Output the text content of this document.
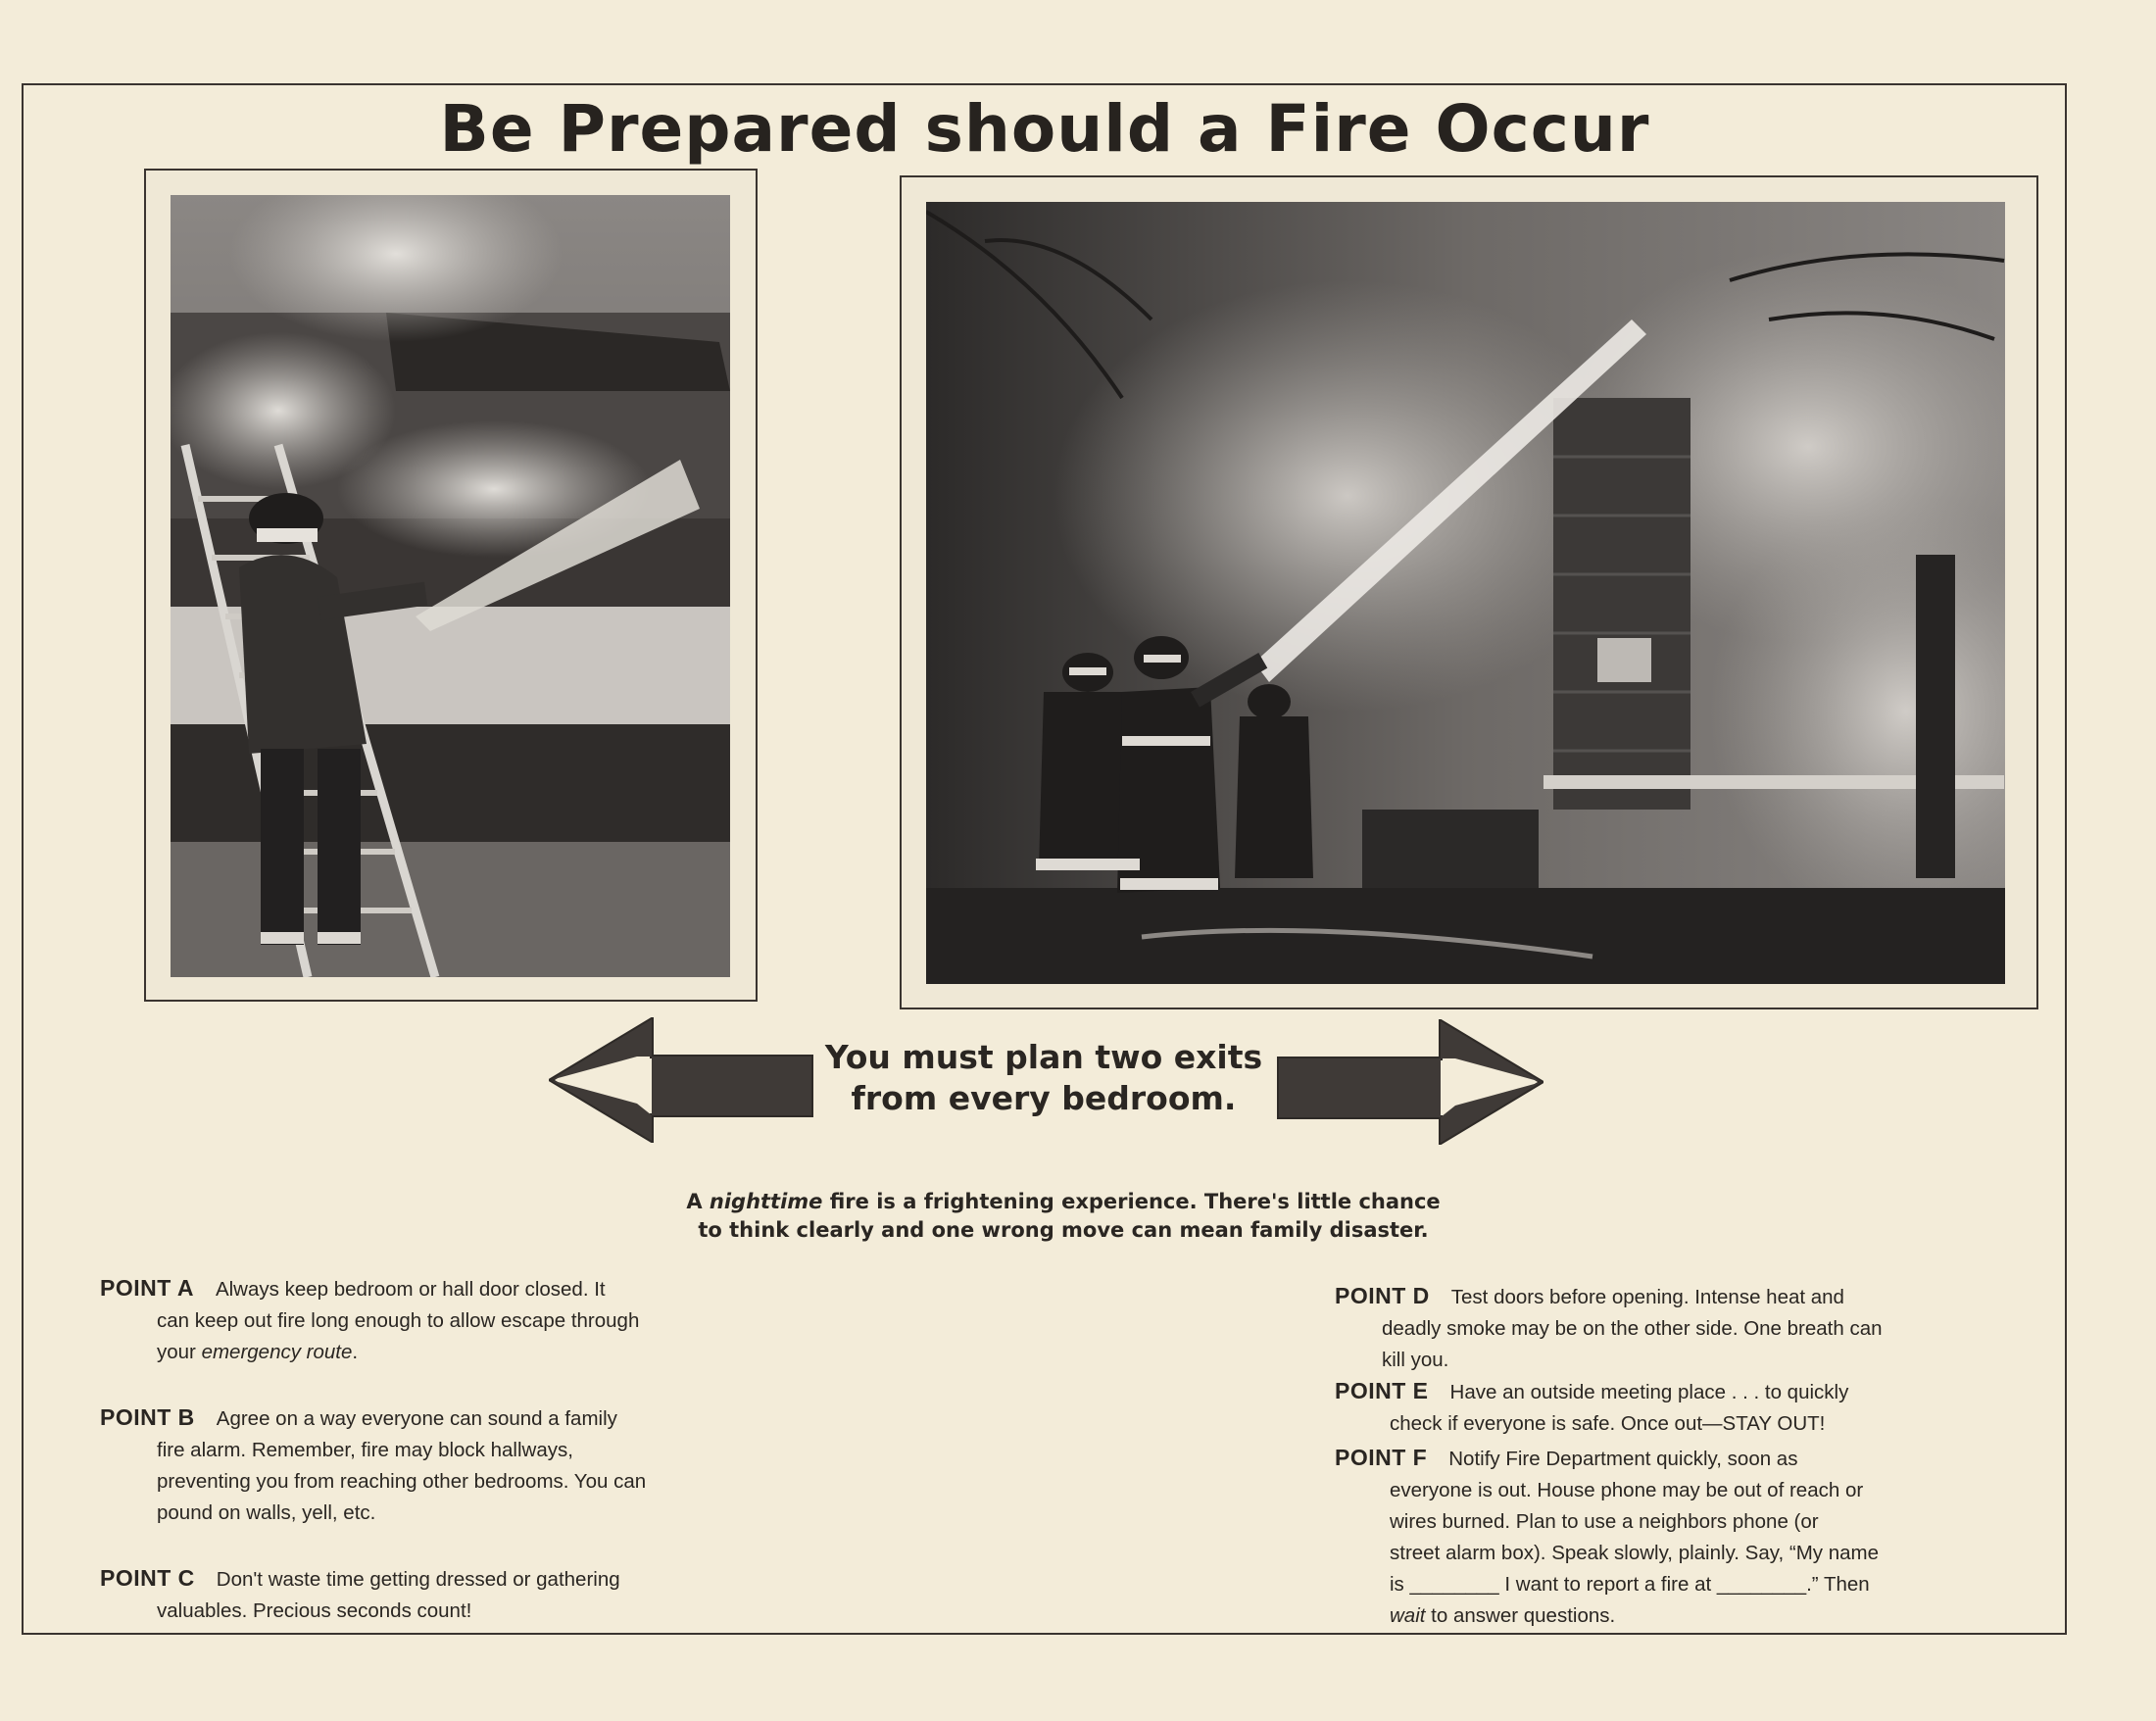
Be Prepared should a Fire Occur
You must plan two exits
from every bedroom.
A nighttime fire is a frightening experience. There's little chance
to think clearly and one wrong move can mean family disaster.
POINT A Always keep bedroom or hall door closed. It
can keep out fire long enough to allow escape through
your emergency route.
POINT B Agree on a way everyone can sound a family
fire alarm. Remember, fire may block hallways,
preventing you from reaching other bedrooms. You can
pound on walls, yell, etc.
POINT C Don't waste time getting dressed or gathering
valuables. Precious seconds count!
POINT D Test doors before opening. Intense heat and
deadly smoke may be on the other side. One breath can
kill you.
POINT E Have an outside meeting place . . . to quickly
check if everyone is safe. Once out—STAY OUT!
POINT F Notify Fire Department quickly, soon as
everyone is out. House phone may be out of reach or
wires burned. Plan to use a neighbors phone (or
street alarm box). Speak slowly, plainly. Say, “My name
is ________ I want to report a fire at ________.” Then
wait to answer questions.
